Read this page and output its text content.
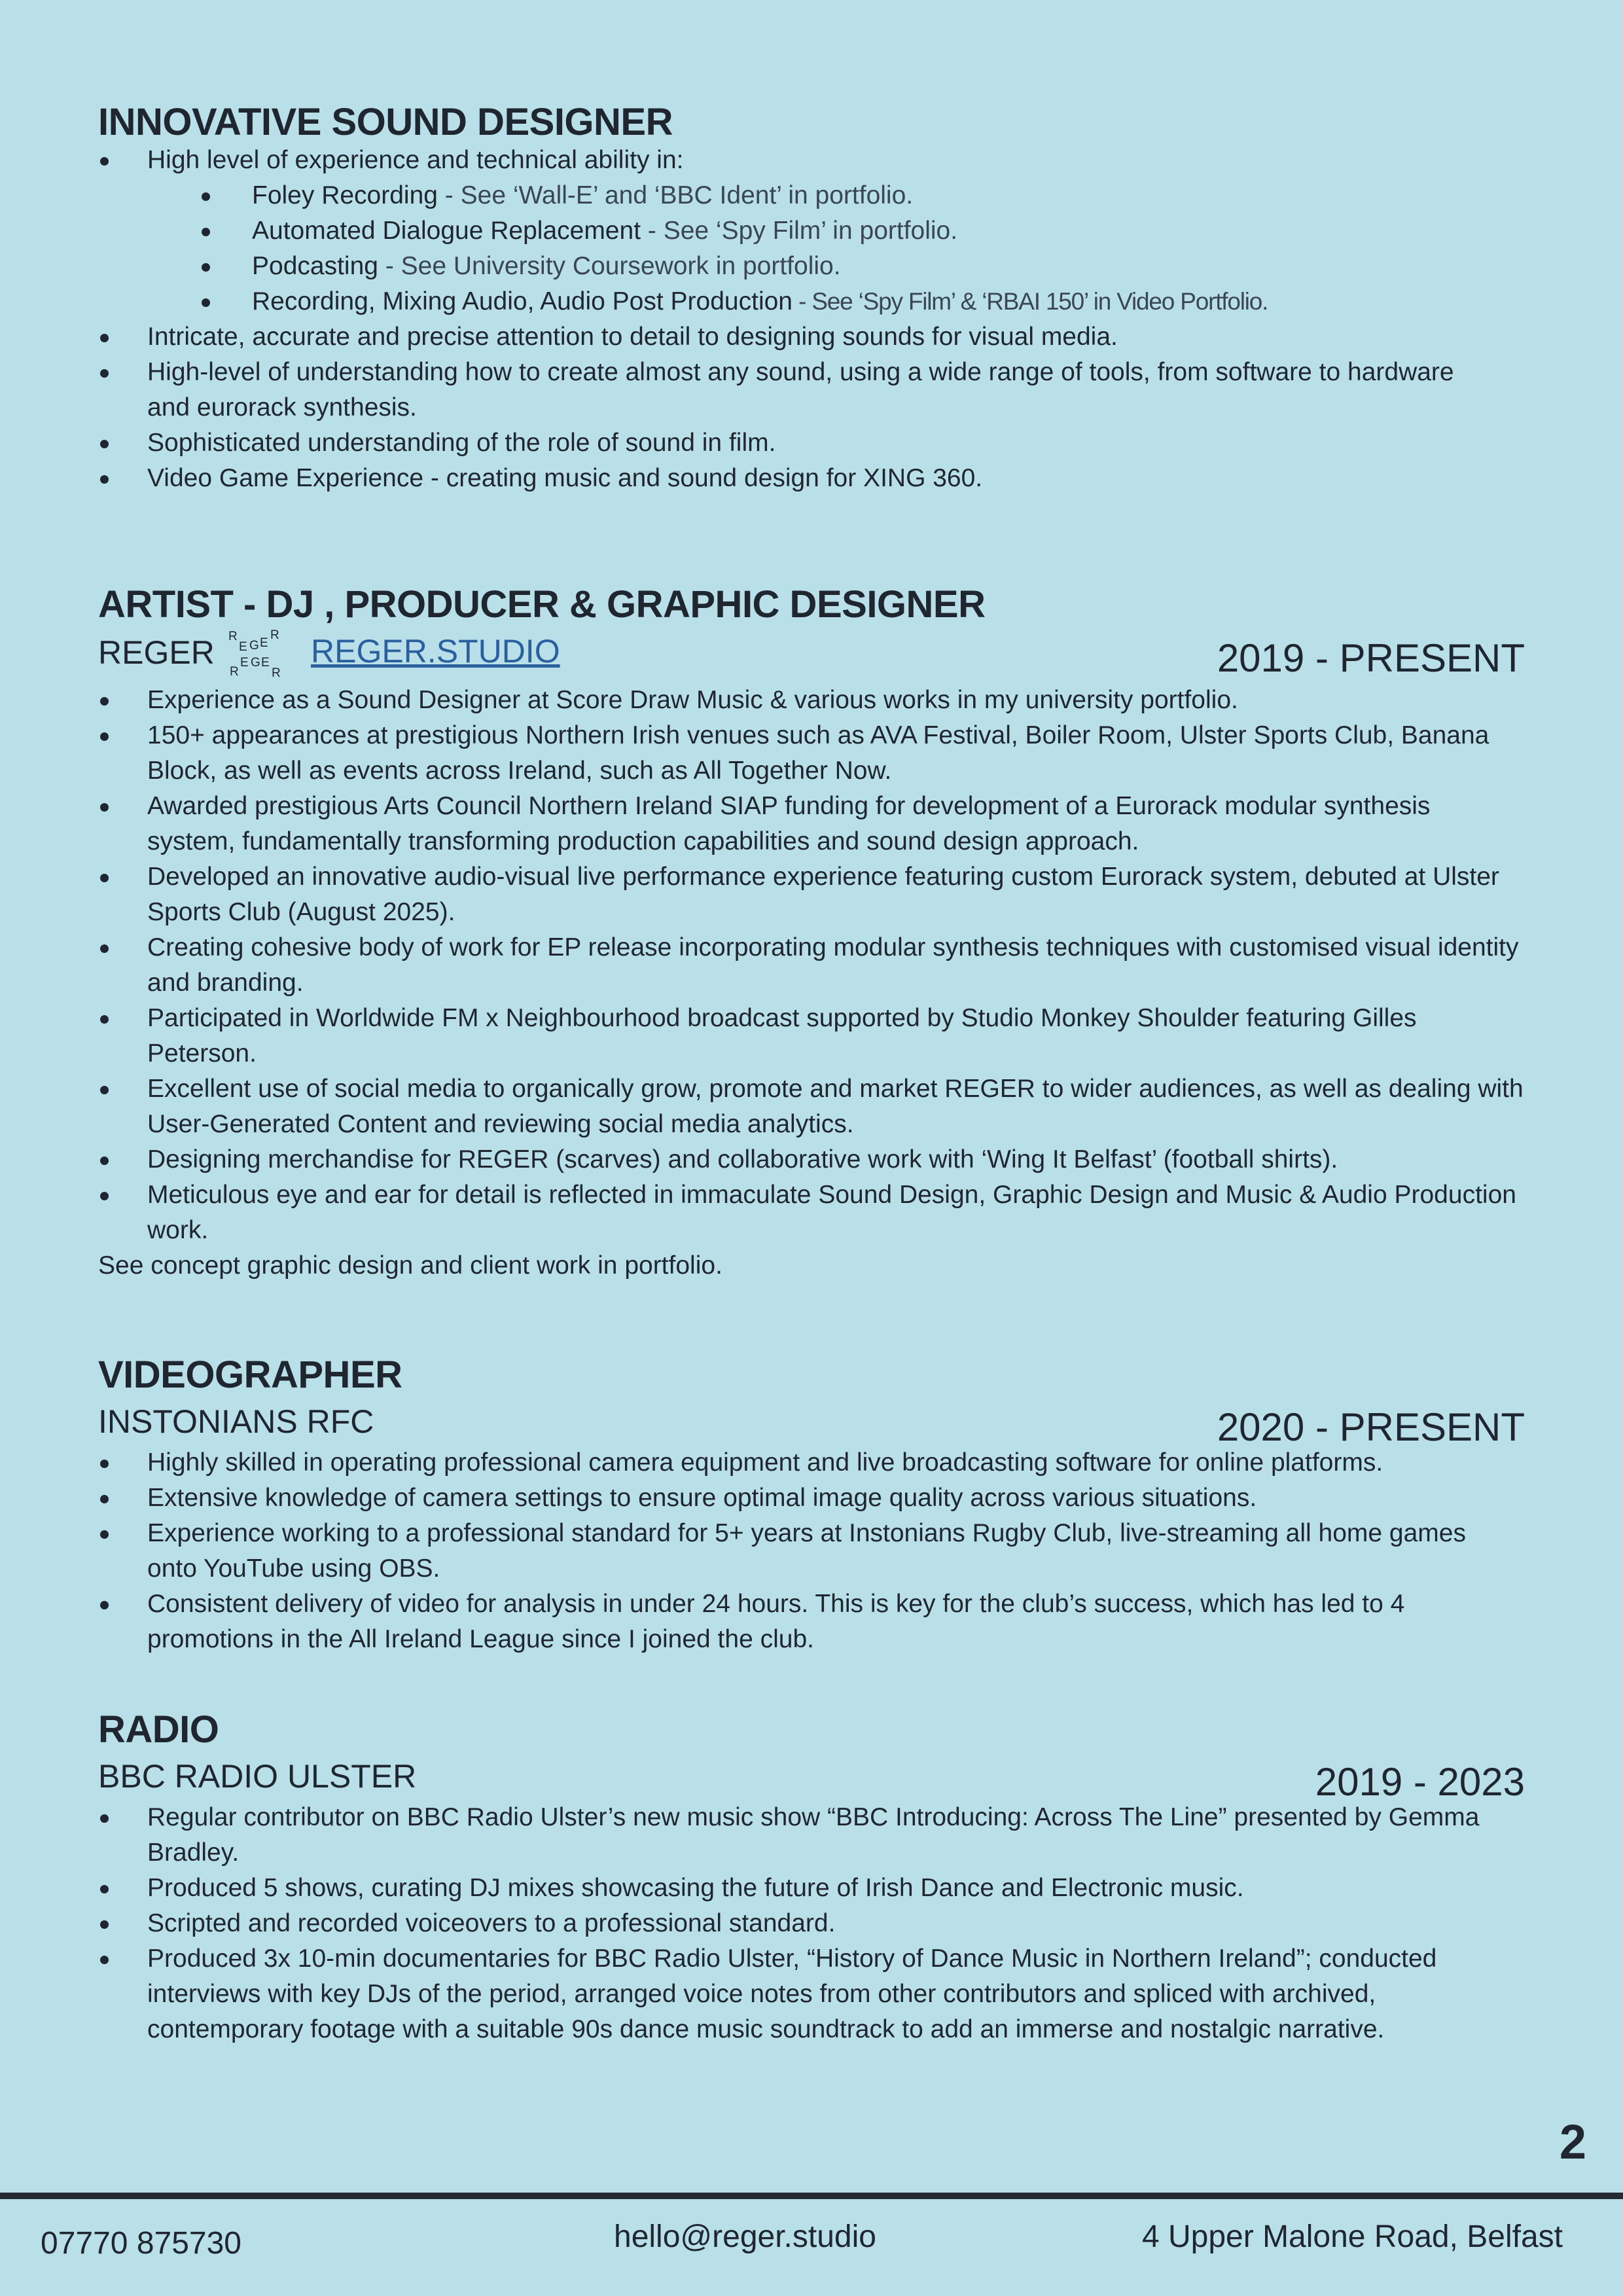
INNOVATIVE SOUND DESIGNER
High level of experience and technical ability in:
Foley Recording - See ‘Wall-E’ and ‘BBC Ident’ in portfolio.
Automated Dialogue Replacement - See ‘Spy Film’ in portfolio.
Podcasting - See University Coursework in portfolio.
Recording, Mixing Audio, Audio Post Production - See ‘Spy Film’ & ‘RBAI 150’ in Video Portfolio.
Intricate, accurate and precise attention to detail to designing sounds for visual media.
High-level of understanding how to create almost any sound, using a wide range of tools, from software to hardware and eurorack synthesis.
Sophisticated understanding of the role of sound in film.
Video Game Experience - creating music and sound design for XING 360.
ARTIST - DJ , PRODUCER & GRAPHIC DESIGNER
REGER R
E G E
R
R
E G E
R
REGER.STUDIO	2019 - PRESENT
Experience as a Sound Designer at Score Draw Music & various works in my university portfolio.
150+ appearances at prestigious Northern Irish venues such as AVA Festival, Boiler Room, Ulster Sports Club, Banana Block, as well as events across Ireland, such as All Together Now.
Awarded prestigious Arts Council Northern Ireland SIAP funding for development of a Eurorack modular synthesis system, fundamentally transforming production capabilities and sound design approach.
Developed an innovative audio-visual live performance experience featuring custom Eurorack system, debuted at Ulster Sports Club (August 2025).
Creating cohesive body of work for EP release incorporating modular synthesis techniques with customised visual identity and branding.
Participated in Worldwide FM x Neighbourhood broadcast supported by Studio Monkey Shoulder featuring Gilles Peterson.
Excellent use of social media to organically grow, promote and market REGER to wider audiences, as well as dealing with User-Generated Content and reviewing social media analytics.
Designing merchandise for REGER (scarves) and collaborative work with ‘Wing It Belfast’ (football shirts).
Meticulous eye and ear for detail is reflected in immaculate Sound Design, Graphic Design and Music & Audio Production work.
See concept graphic design and client work in portfolio.
VIDEOGRAPHER
INSTONIANS RFC	2020 - PRESENT
Highly skilled in operating professional camera equipment and live broadcasting software for online platforms.
Extensive knowledge of camera settings to ensure optimal image quality across various situations.
Experience working to a professional standard for 5+ years at Instonians Rugby Club, live-streaming all home games onto YouTube using OBS.
Consistent delivery of video for analysis in under 24 hours. This is key for the club’s success, which has led to 4 promotions in the All Ireland League since I joined the club.
RADIO
BBC RADIO ULSTER	2019 - 2023
Regular contributor on BBC Radio Ulster’s new music show “BBC Introducing: Across The Line” presented by Gemma Bradley.
Produced 5 shows, curating DJ mixes showcasing the future of Irish Dance and Electronic music.
Scripted and recorded voiceovers to a professional standard.
Produced 3x 10-min documentaries for BBC Radio Ulster, “History of Dance Music in Northern Ireland”; conducted interviews with key DJs of the period, arranged voice notes from other contributors and spliced with archived, contemporary footage with a suitable 90s dance music soundtrack to add an immerse and nostalgic narrative.
2
07770 875730	hello@reger.studio	4 Upper Malone Road, Belfast
